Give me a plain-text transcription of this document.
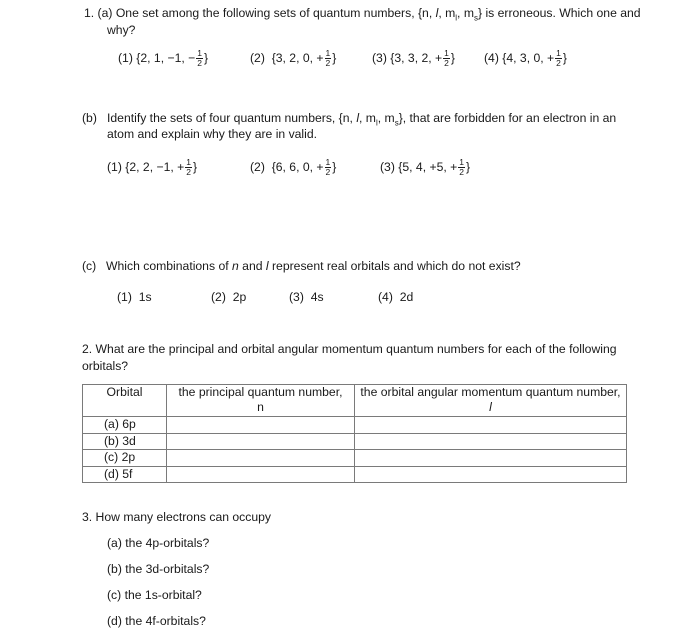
1. (a) One set among the following sets of quantum numbers, {n, l, $m_l$, $m_s$} is erroneous. Which one and
why?
(1) {2, 1, −1, − $\frac{1}{2}$ }	(2) {3, 2, 0, + $\frac{1}{2}$ }	(3) {3, 3, 2, + $\frac{1}{2}$ } (4) {4, 3, 0, + $\frac{1}{2}$ }
(b) Identify the sets of four quantum numbers, {n, l, $m_l$, $m_s$}, that are forbidden for an electron in an
atom and explain why they are in valid.
(1) {2, 2, −1, + $\frac{1}{2}$ }	(2) {6, 6, 0, + $\frac{1}{2}$ }	(3) {5, 4, +5, + $\frac{1}{2}$ }
(c) Which combinations of n and l represent real orbitals and which do not exist?
(1) 1s	(2) 2p	(3) 4s	(4) 2d
2. What are the principal and orbital angular momentum quantum numbers for each of the following
orbitals?
Orbital	the principal quantum number,
n

the orbital angular momentum quantum number,
l

(a) 6p		
(b) 3d		
(c) 2p		
(d) 5f		
3. How many electrons can occupy
(a) the 4p-orbitals?
(b) the 3d-orbitals?
(c) the 1s-orbital?
(d) the 4f-orbitals?
